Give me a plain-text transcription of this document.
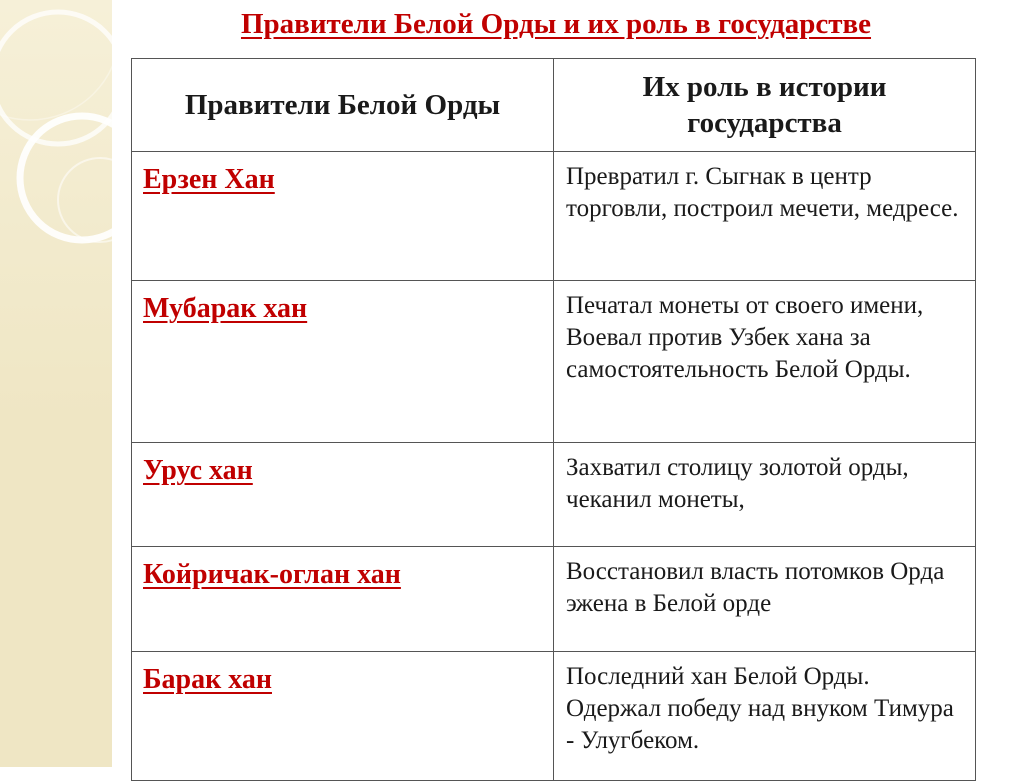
Правители Белой Орды и их роль в государстве
Правители Белой Орды	Их роль в истории государства
Ерзен Хан	Превратил г. Сыгнак в центр торговли, построил мечети, медресе.
Мубарак хан	Печатал монеты от своего имени, Воевал против Узбек хана за самостоятельность Белой Орды.
Урус хан	Захватил столицу золотой орды, чеканил монеты,
Койричак-оглан хан	Восстановил власть потомков Орда эжена в Белой орде
Барак хан	Последний хан Белой Орды. Одержал победу над внуком Тимура - Улугбеком.
